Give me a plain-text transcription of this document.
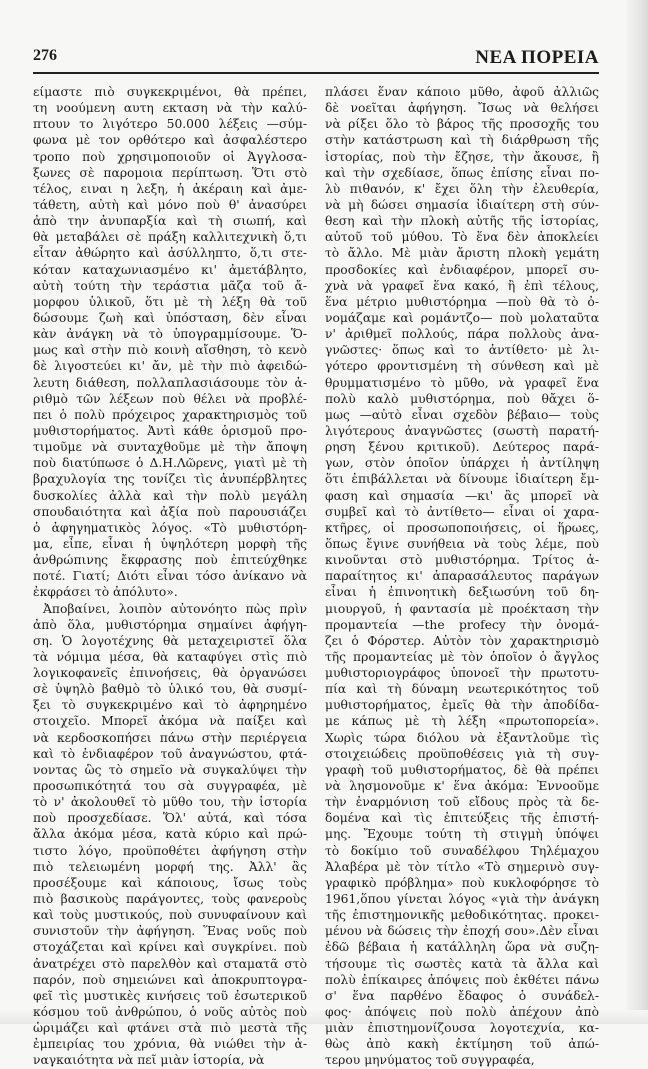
276	ΝΕΑ ΠΟΡΕΙΑ
είμαστε πιὸ συγκεκριμένοι, θὰ πρέπει,
τη νοούμενη αυτη εκταση νὰ τὴν καλύ-
πτουν το λιγότερο 50.000 λέξεις —σύμ-
φωνα μὲ τον ορθότερο καὶ ἀσφαλέστερο
τροπο ποὺ χρησιμοποιοῦν οἱ Ἀγγλοσα-
ξωνες σὲ παρομοια περίπτωση. Ὅτι στὸ
τέλος, ειναι η λεξη, ἡ ἀκέραιη καὶ ἀμε-
τάθετη, αὐτὴ καὶ μόνο ποὺ θ' ἀνασύρει
ἀπὸ την ἀνυπαρξία καὶ τὴ σιωπή, καὶ
θὰ μεταβάλει σὲ πράξη καλλιτεχνικὴ ὅ,τι
εἶταν ἀθώρητο καὶ ἀσύλληπτο, ὅ,τι στε-
κόταν καταχωνιασμένο κι' ἀμετάβλητο,
αὐτὴ τούτη τὴν τεράστια μᾶζα τοῦ ἄ-
μορφου ὑλικοῦ, ὅτι μὲ τὴ λέξη θὰ τοῦ
δώσουμε ζωὴ καὶ ὑπόσταση, δὲν εἶναι
κὰν ἀνάγκη νὰ τὸ ὑπογραμμίσουμε. Ὅ-
μως καὶ στὴν πιὸ κοινὴ αἴσθηση, τὸ κενὸ
δὲ λιγοστεύει κι' ἄν, μὲ τὴν πιὸ ἀφειδώ-
λευτη διάθεση, πολλαπλασιάσουμε τὸν ἀ-
ριθμὸ τῶν λέξεων ποὺ θέλει νὰ προβλέ-
πει ὁ πολὺ πρόχειρος χαρακτηρισμὸς τοῦ
μυθιστορήματος. Ἀντὶ κάθε ὁρισμοῦ προ-
τιμοῦμε νὰ συνταχθοῦμε μὲ τὴν ἄποψη
ποὺ διατύπωσε ὁ Δ.Η.Λῶρενς, γιατὶ μὲ τὴ
βραχυλογία της τονίζει τὶς ἀνυπέρβλητες
δυσκολίες ἀλλὰ καὶ τὴν πολὺ μεγάλη
σπουδαιότητα καὶ ἀξία ποὺ παρουσιάζει
ὁ ἀφηγηματικὸς λόγος. «Τὸ μυθιστόρη-
μα, εἶπε, εἶναι ἡ ὑψηλότερη μορφὴ τῆς
ἀνθρώπινης ἔκφρασης ποὺ ἐπιτεύχθηκε
ποτέ. Γιατί; Διότι εἶναι τόσο ἀνίκανο νὰ
ἐκφράσει τὸ ἀπόλυτο».
Ἀποβαίνει, λοιπὸν αὐτονόητο πὼς πρὶν
ἀπὸ ὅλα, μυθιστόρημα σημαίνει ἀφήγη-
ση. Ὁ λογοτέχνης θὰ μεταχειριστεῖ ὅλα
τὰ νόμιμα μέσα, θὰ καταφύγει στὶς πιὸ
λογικοφανεῖς ἐπινοήσεις, θὰ ὀργανώσει
σὲ ὑψηλὸ βαθμὸ τὸ ὑλικό του, θὰ συσμί-
ξει τὸ συγκεκριμένο καὶ τὸ ἀφηρημένο
στοιχεῖο. Μπορεῖ ἀκόμα νὰ παίξει καὶ
νὰ κερδοσκοπήσει πάνω στὴν περιέργεια
καὶ τὸ ἐνδιαφέρον τοῦ ἀναγνώστου, φτά-
νοντας ὣς τὸ σημεῖο νὰ συγκαλύψει τὴν
προσωπικότητά του σὰ συγγραφέα, μὲ
τὸ ν' ἀκολουθεῖ τὸ μῦθο του, τὴν ἱστορία
ποὺ προσχεδίασε. Ὅλ' αὐτά, καὶ τόσα
ἄλλα ἀκόμα μέσα, κατὰ κύριο καὶ πρώ-
τιστο λόγο, προϋποθέτει ἀφήγηση στὴν
πιὸ τελειωμένη μορφή της. Ἀλλ' ἂς
προσέξουμε καὶ κάποιους, ἴσως τοὺς
πιὸ βασικοὺς παράγοντες, τοὺς φανεροὺς
καὶ τοὺς μυστικούς, ποὺ συνυφαίνουν καὶ
συνιστοῦν τὴν ἀφήγηση. Ἕνας νοῦς ποὺ
στοχάζεται καὶ κρίνει καὶ συγκρίνει. ποὺ
ἀνατρέχει στὸ παρελθὸν καὶ σταματᾶ στὸ
παρόν, ποὺ σημειώνει καὶ ἀποκρυπτογρα-
φεῖ τὶς μυστικὲς κινήσεις τοῦ ἐσωτερικοῦ
κόσμου τοῦ ἀνθρώπου, ὁ νοῦς αὐτὸς ποὺ
ὡριμάζει καὶ φτάνει στὰ πιὸ μεστὰ τῆς
ἐμπειρίας του χρόνια, θὰ νιώθει τὴν ἀ-
ναγκαιότητα νὰ πεῖ μιὰν ἱστορία, νὰ
πλάσει ἕναν κάποιο μῦθο, ἀφοῦ ἀλλιῶς
δὲ νοεῖται ἀφήγηση. Ἴσως νὰ θελήσει
νὰ ρίξει ὅλο τὸ βάρος τῆς προσοχῆς του
στὴν κατάστρωση καὶ τὴ διάρθρωση τῆς
ἱστορίας, ποὺ τὴν ἔζησε, τὴν ἄκουσε, ἢ
καὶ τὴν σχεδίασε, ὅπως ἐπίσης εἶναι πο-
λὺ πιθανόν, κ' ἔχει ὅλη τὴν ἐλευθερία,
νὰ μὴ δώσει σημασία ἰδιαίτερη στὴ σύν-
θεση καὶ τὴν πλοκὴ αὐτῆς τῆς ἱστορίας,
αὐτοῦ τοῦ μύθου. Τὸ ἕνα δὲν ἀποκλείει
τὸ ἄλλο. Μὲ μιὰν ἄριστη πλοκὴ γεμάτη
προσδοκίες καὶ ἐνδιαφέρον, μπορεῖ συ-
χνὰ νὰ γραφεῖ ἕνα κακό, ἢ ἐπὶ τέλους,
ἕνα μέτριο μυθιστόρημα —ποὺ θὰ τὸ ὀ-
νομάζαμε καὶ ρομάντζο— ποὺ μολαταῦτα
ν' ἀριθμεῖ πολλούς, πάρα πολλοὺς ἀνα-
γνῶστες· ὅπως καὶ το ἀντίθετο· μὲ λι-
γότερο φροντισμένη τὴ σύνθεση καὶ μὲ
θρυμματισμένο τὸ μῦθο, νὰ γραφεῖ ἕνα
πολὺ καλὸ μυθιστόρημα, ποὺ θἄχει ὅ-
μως —αὐτὸ εἶναι σχεδὸν βέβαιο— τοὺς
λιγότερους ἀναγνῶστες (σωστὴ παρατή-
ρηση ξένου κριτικοῦ). Δεύτερος παρά-
γων, στὸν ὁποῖον ὑπάρχει ἡ ἀντίληψη
ὅτι ἐπιβάλλεται νὰ δίνουμε ἰδιαίτερη ἔμ-
φαση καὶ σημασία —κι' ἂς μπορεῖ νὰ
συμβεῖ καὶ τὸ ἀντίθετο— εἶναι οἱ χαρα-
κτῆρες, οἱ προσωποποιήσεις, οἱ ἥρωες,
ὅπως ἔγινε συνήθεια νὰ τοὺς λέμε, ποὺ
κινοῦνται στὸ μυθιστόρημα. Τρίτος ἀ-
παραίτητος κι' ἀπαρασάλευτος παράγων
εἶναι ἡ ἐπινοητικὴ δεξιωσύνη τοῦ δη-
μιουργοῦ, ἡ φαντασία μὲ προέκταση τὴν
προμαντεία —the profecy τὴν ὀνομά-
ζει ὁ Φόρστερ. Αὐτὸν τὸν χαρακτηρισμὸ
τῆς προμαντείας μὲ τὸν ὁποῖον ὁ ἄγγλος
μυθιστοριογράφος ὑπονοεῖ τὴν πρωτοτυ-
πία καὶ τὴ δύναμη νεωτερικότητος τοῦ
μυθιστορήματος, ἐμεῖς θὰ τὴν ἀποδίδα-
με κάπως μὲ τὴ λέξη «πρωτοπορεία».
Χωρὶς τώρα διόλου νὰ ἐξαντλοῦμε τὶς
στοιχειώδεις προϋποθέσεις γιὰ τὴ συγ-
γραφὴ τοῦ μυθιστορήματος, δὲ θὰ πρέπει
νὰ λησμονοῦμε κ' ἕνα ἀκόμα: Ἐννοοῦμε
τὴν ἐναρμόνιση τοῦ εἴδους πρὸς τὰ δε-
δομένα καὶ τὶς ἐπιτεύξεις τῆς ἐπιστή-
μης. Ἔχουμε τούτη τὴ στιγμὴ ὑπόψει
τὸ δοκίμιο τοῦ συναδέλφου Τηλέμαχου
Ἀλαβέρα μὲ τὸν τίτλο «Τὸ σημερινὸ συγ-
γραφικὸ πρόβλημα» ποὺ κυκλοφόρησε τὸ
1961,ὅπου γίνεται λόγος «γιὰ τὴν ἀνάγκη
τῆς ἐπιστημονικῆς μεθοδικότητας. προκει-
μένου νὰ δώσεις τὴν ἐποχή σου».Δὲν εἶναι
ἐδῶ βέβαια ἡ κατάλληλη ὥρα νὰ συζη-
τήσουμε τὶς σωστὲς κατὰ τὰ ἄλλα καὶ
πολὺ ἐπίκαιρες ἀπόψεις ποὺ ἐκθέτει πάνω
σ' ἕνα παρθένο ἔδαφος ὁ συνάδελ-
φος· ἀπόψεις ποὺ πολὺ ἀπέχουν ἀπὸ
μιὰν ἐπιστημονίζουσα λογοτεχνία, κα-
θὼς ἀπὸ κακὴ ἐκτίμηση τοῦ ἀπώ-
τερου μηνύματος τοῦ συγγραφέα,
